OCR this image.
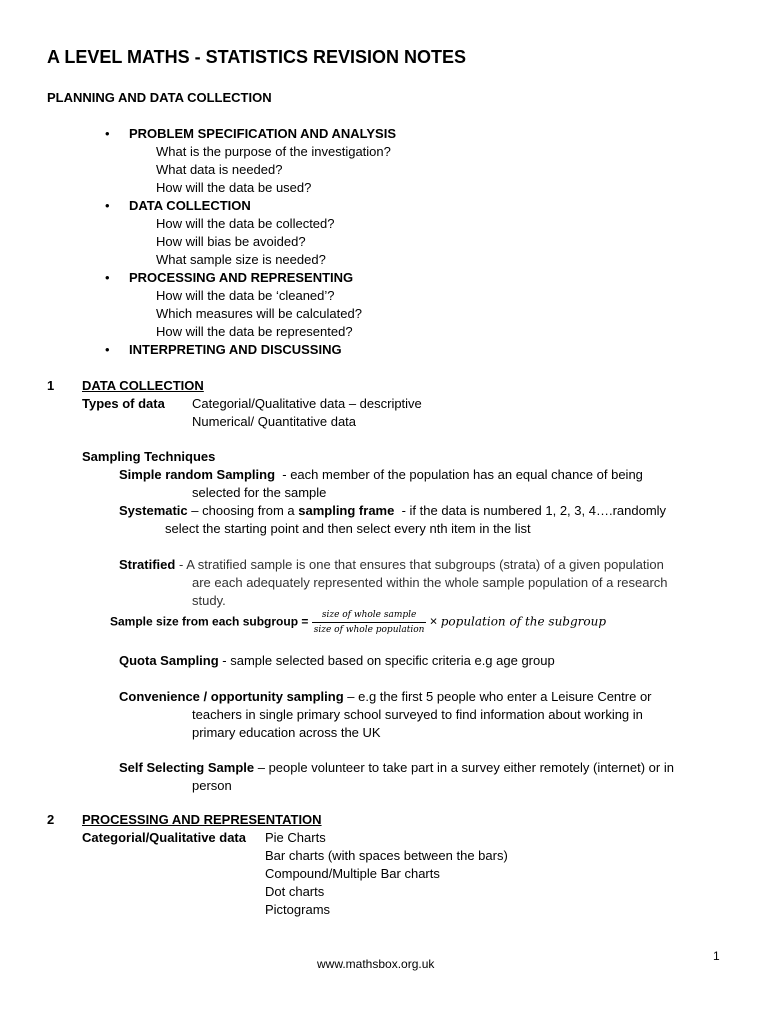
A LEVEL MATHS - STATISTICS REVISION NOTES
PLANNING AND DATA COLLECTION
• PROBLEM SPECIFICATION AND ANALYSIS
What is the purpose of the investigation?
What data is needed?
How will the data be used?
• DATA COLLECTION
How will the data be collected?
How will bias be avoided?
What sample size is needed?
• PROCESSING AND REPRESENTING
How will the data be ‘cleaned’?
Which measures will be calculated?
How will the data be represented?
• INTERPRETING AND DISCUSSING
1 DATA COLLECTION
Types of data Categorial/Qualitative data – descriptive
Numerical/ Quantitative data
Sampling Techniques
Simple random Sampling - each member of the population has an equal chance of being
selected for the sample
Systematic – choosing from a sampling frame - if the data is numbered 1, 2, 3, 4….randomly
select the starting point and then select every nth item in the list
Stratified - A stratified sample is one that ensures that subgroups (strata) of a given population
are each adequately represented within the whole sample population of a research
study.
Sample size from each subgroup = $\frac{\text{size of whole sample}}{\text{size of whole population}}$ × population of the subgroup
Quota Sampling - sample selected based on specific criteria e.g age group
Convenience / opportunity sampling – e.g the first 5 people who enter a Leisure Centre or
teachers in single primary school surveyed to find information about working in
primary education across the UK
Self Selecting Sample – people volunteer to take part in a survey either remotely (internet) or in
person
2 PROCESSING AND REPRESENTATION
Categorial/Qualitative data Pie Charts
Bar charts (with spaces between the bars)
Compound/Multiple Bar charts
Dot charts
Pictograms
www.mathsbox.org.uk
1
